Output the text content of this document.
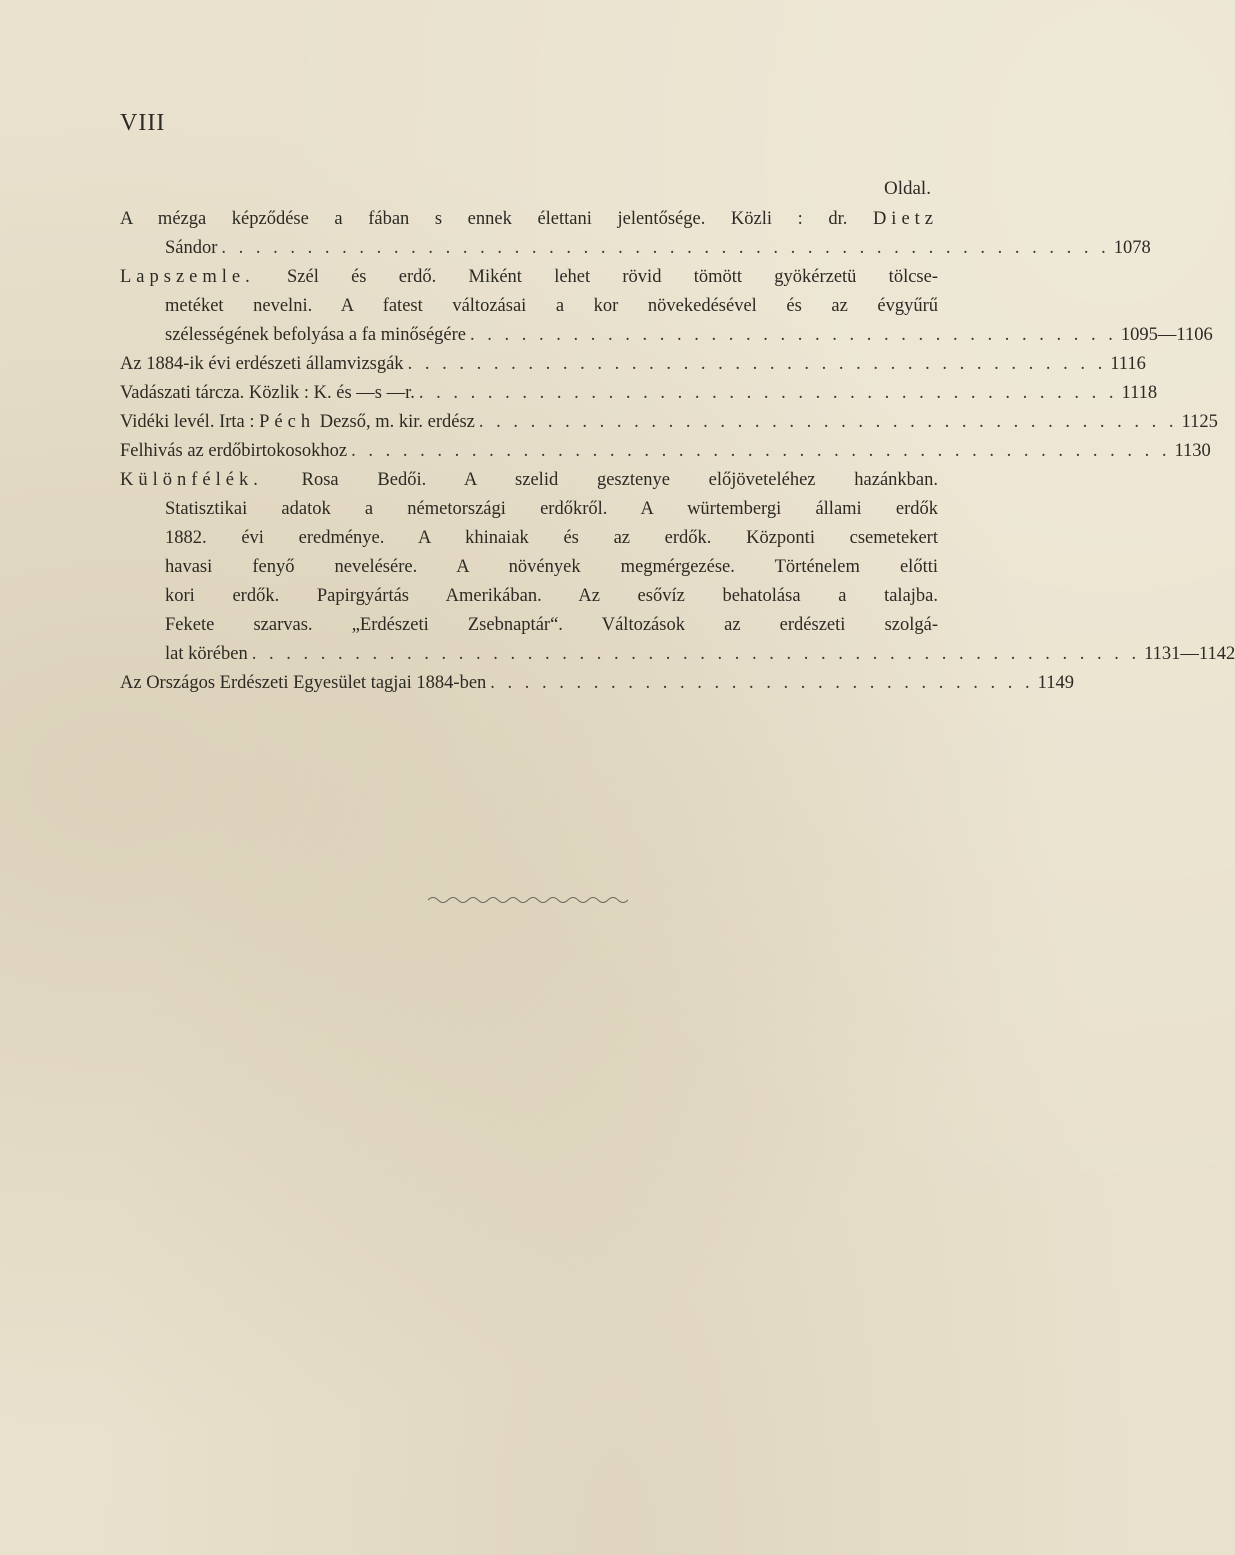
VIII
Oldal.
A mézga képződése a fában s ennek élettani jelentősége. Közli : dr. Dietz
Sándor . . . . . . . . . . . . . . . . . . . . . . . . . . . . . . . . . . . . . . . . . . . . . . . . . . . . 1078
Lapszemle. Szél és erdő. Miként lehet rövid tömött gyökérzetü tölcse-
metéket nevelni. A fatest változásai a kor növekedésével és az évgyűrű
szélességének befolyása a fa minőségére . . . . . . . . . . . . . . . . . . . . . . . . . . . . . . . . . . . . . . 1095—1106
Az 1884-ik évi erdészeti államvizsgák . . . . . . . . . . . . . . . . . . . . . . . . . . . . . . . . . . . . . . . . . 1116
Vadászati tárcza. Közlik : K. és —s —r. . . . . . . . . . . . . . . . . . . . . . . . . . . . . . . . . . . . . . . . . . 1118
Vidéki levél. Irta : Péch Dezső, m. kir. erdész . . . . . . . . . . . . . . . . . . . . . . . . . . . . . . . . . . . . . . . . . 1125
Felhivás az erdőbirtokosokhoz . . . . . . . . . . . . . . . . . . . . . . . . . . . . . . . . . . . . . . . . . . . . . . . . 1130
Különfélék. Rosa Bedői. A szelid gesztenye előjöveteléhez hazánkban.
Statisztikai adatok a németországi erdőkről. A würtembergi állami erdők
1882. évi eredménye. A khinaiak és az erdők. Központi csemetekert
havasi fenyő nevelésére. A növények megmérgezése. Történelem előtti
kori erdők. Papirgyártás Amerikában. Az esővíz behatolása a talajba.
Fekete szarvas. „Erdészeti Zsebnaptár“. Változások az erdészeti szolgá-
lat körében . . . . . . . . . . . . . . . . . . . . . . . . . . . . . . . . . . . . . . . . . . . . . . . . . . . . 1131—1142
Az Országos Erdészeti Egyesület tagjai 1884-ben . . . . . . . . . . . . . . . . . . . . . . . . . . . . . . . . 1149
